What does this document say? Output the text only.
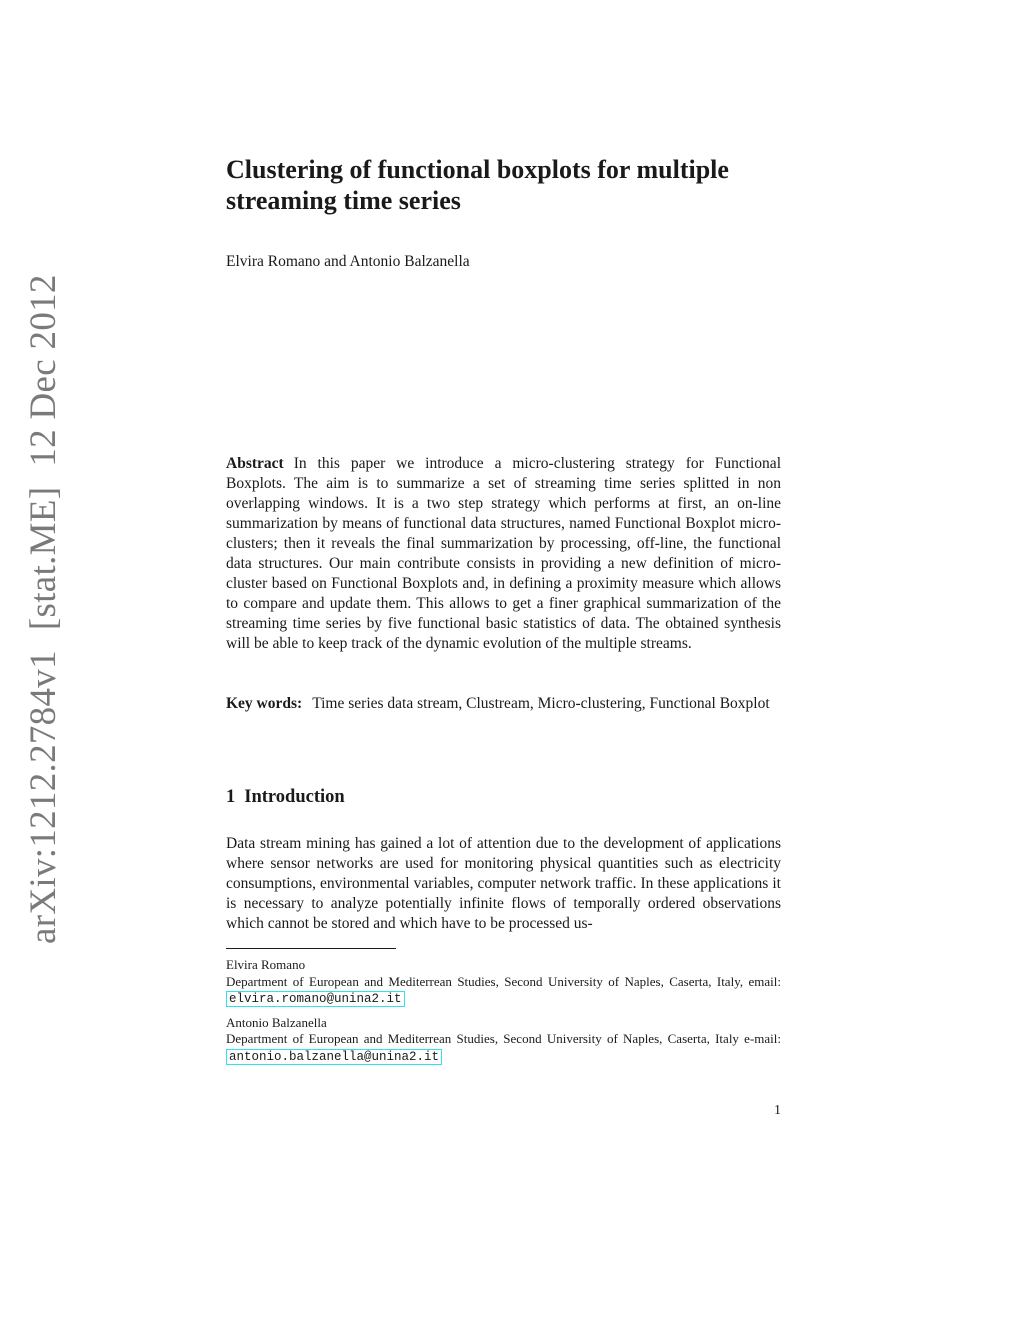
arXiv:1212.2784v1[stat.ME]12 Dec 2012
Clustering of functional boxplots for multiple streaming time series
Elvira Romano and Antonio Balzanella

Abstract In this paper we introduce a micro-clustering strategy for Functional Boxplots. The aim is to summarize a set of streaming time series splitted in non overlapping windows. It is a two step strategy which performs at first, an on-line summarization by means of functional data structures, named Functional Boxplot micro-clusters; then it reveals the final summarization by processing, off-line, the functional data structures. Our main contribute consists in providing a new definition of micro-cluster based on Functional Boxplots and, in defining a proximity measure which allows to compare and update them. This allows to get a finer graphical summarization of the streaming time series by five functional basic statistics of data. The obtained synthesis will be able to keep track of the dynamic evolution of the multiple streams.

Key words: Time series data stream, Clustream, Micro-clustering, Functional Boxplot

1 Introduction

Data stream mining has gained a lot of attention due to the development of applications where sensor networks are used for monitoring physical quantities such as electricity consumptions, environmental variables, computer network traffic. In these applications it is necessary to analyze potentially infinite flows of temporally ordered observations which cannot be stored and which have to be processed us-

Elvira Romano
Department of European and Mediterrean Studies, Second University of Naples, Caserta, Italy, email: elvira.romano@unina2.it
Antonio Balzanella
Department of European and Mediterrean Studies, Second University of Naples, Caserta, Italy e-mail: antonio.balzanella@unina2.it
1
